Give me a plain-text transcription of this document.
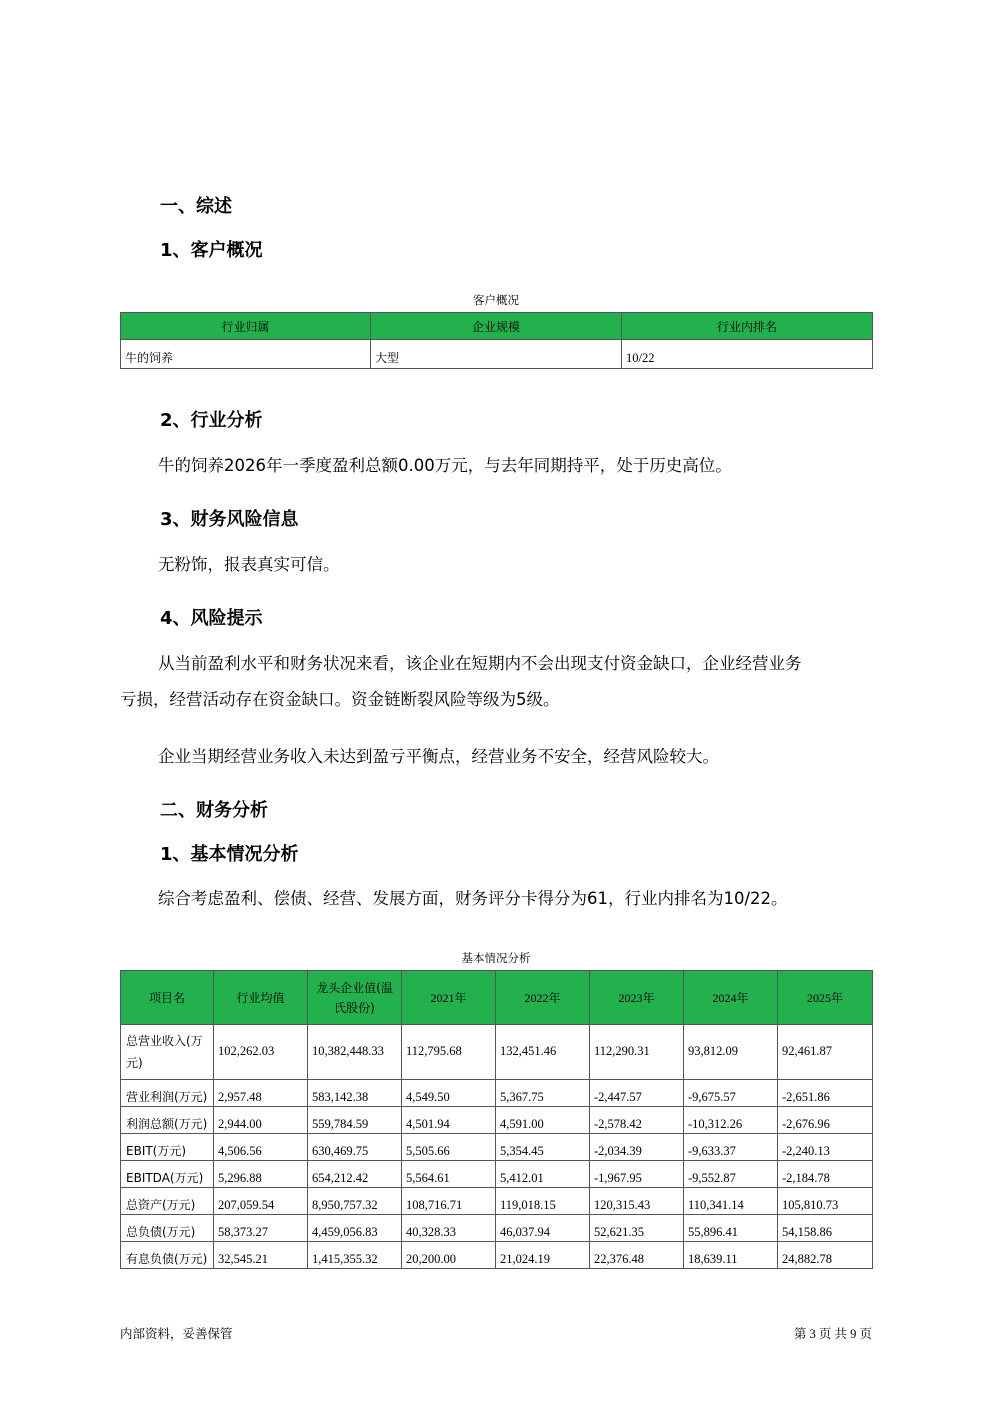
一、综述
1、客户概况
客户概况
行业归属	企业规模	行业内排名
牛的饲养	大型	10/22
2、行业分析

牛的饲养2026年一季度盈利总额0.00万元，与去年同期持平，处于历史高位。

3、财务风险信息

无粉饰，报表真实可信。

4、风险提示

从当前盈利水平和财务状况来看，该企业在短期内不会出现支付资金缺口，企业经营业务

亏损，经营活动存在资金缺口。资金链断裂风险等级为5级。

企业当期经营业务收入未达到盈亏平衡点，经营业务不安全，经营风险较大。

二、财务分析
1、基本情况分析

综合考虑盈利、偿债、经营、发展方面，财务评分卡得分为61，行业内排名为10/22。

基本情况分析
项目名	行业均值	龙头企业值(温氏股份)	2021年	2022年	2023年	2024年	2025年
总营业收入(万元)	102,262.03	10,382,448.33	112,795.68	132,451.46	112,290.31	93,812.09	92,461.87
营业利润(万元)	2,957.48	583,142.38	4,549.50	5,367.75	-2,447.57	-9,675.57	-2,651.86
利润总额(万元)	2,944.00	559,784.59	4,501.94	4,591.00	-2,578.42	-10,312.26	-2,676.96
EBIT(万元)	4,506.56	630,469.75	5,505.66	5,354.45	-2,034.39	-9,633.37	-2,240.13
EBITDA(万元)	5,296.88	654,212.42	5,564.61	5,412.01	-1,967.95	-9,552.87	-2,184.78
总资产(万元)	207,059.54	8,950,757.32	108,716.71	119,018.15	120,315.43	110,341.14	105,810.73
总负债(万元)	58,373.27	4,459,056.83	40,328.33	46,037.94	52,621.35	55,896.41	54,158.86
有息负债(万元)	32,545.21	1,415,355.32	20,200.00	21,024.19	22,376.48	18,639.11	24,882.78
内部资料，妥善保管	第 3 页 共 9 页
